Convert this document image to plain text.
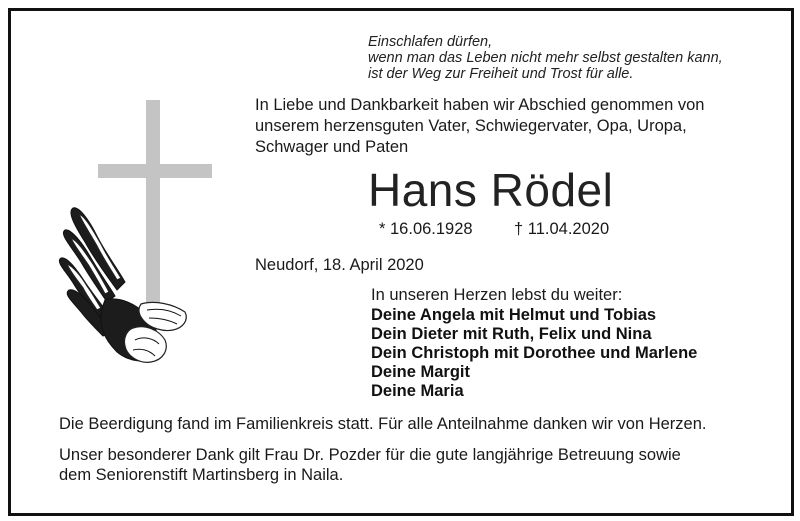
Einschlafen dürfen,
wenn man das Leben nicht mehr selbst gestalten kann,
ist der Weg zur Freiheit und Trost für alle.
In Liebe und Dankbarkeit haben wir Abschied genommen von
unserem herzensguten Vater, Schwiegervater, Opa, Uropa,
Schwager und Paten
Hans Rödel
* 16.06.1928	† 11.04.2020
Neudorf, 18. April 2020
In unseren Herzen lebst du weiter:
Deine Angela mit Helmut und Tobias
Dein Dieter mit Ruth, Felix und Nina
Dein Christoph mit Dorothee und Marlene
Deine Margit
Deine Maria
Die Beerdigung fand im Familienkreis statt. Für alle Anteilnahme danken wir von Herzen.
Unser besonderer Dank gilt Frau Dr. Pozder für die gute langjährige Betreuung sowie
dem Seniorenstift Martinsberg in Naila.
